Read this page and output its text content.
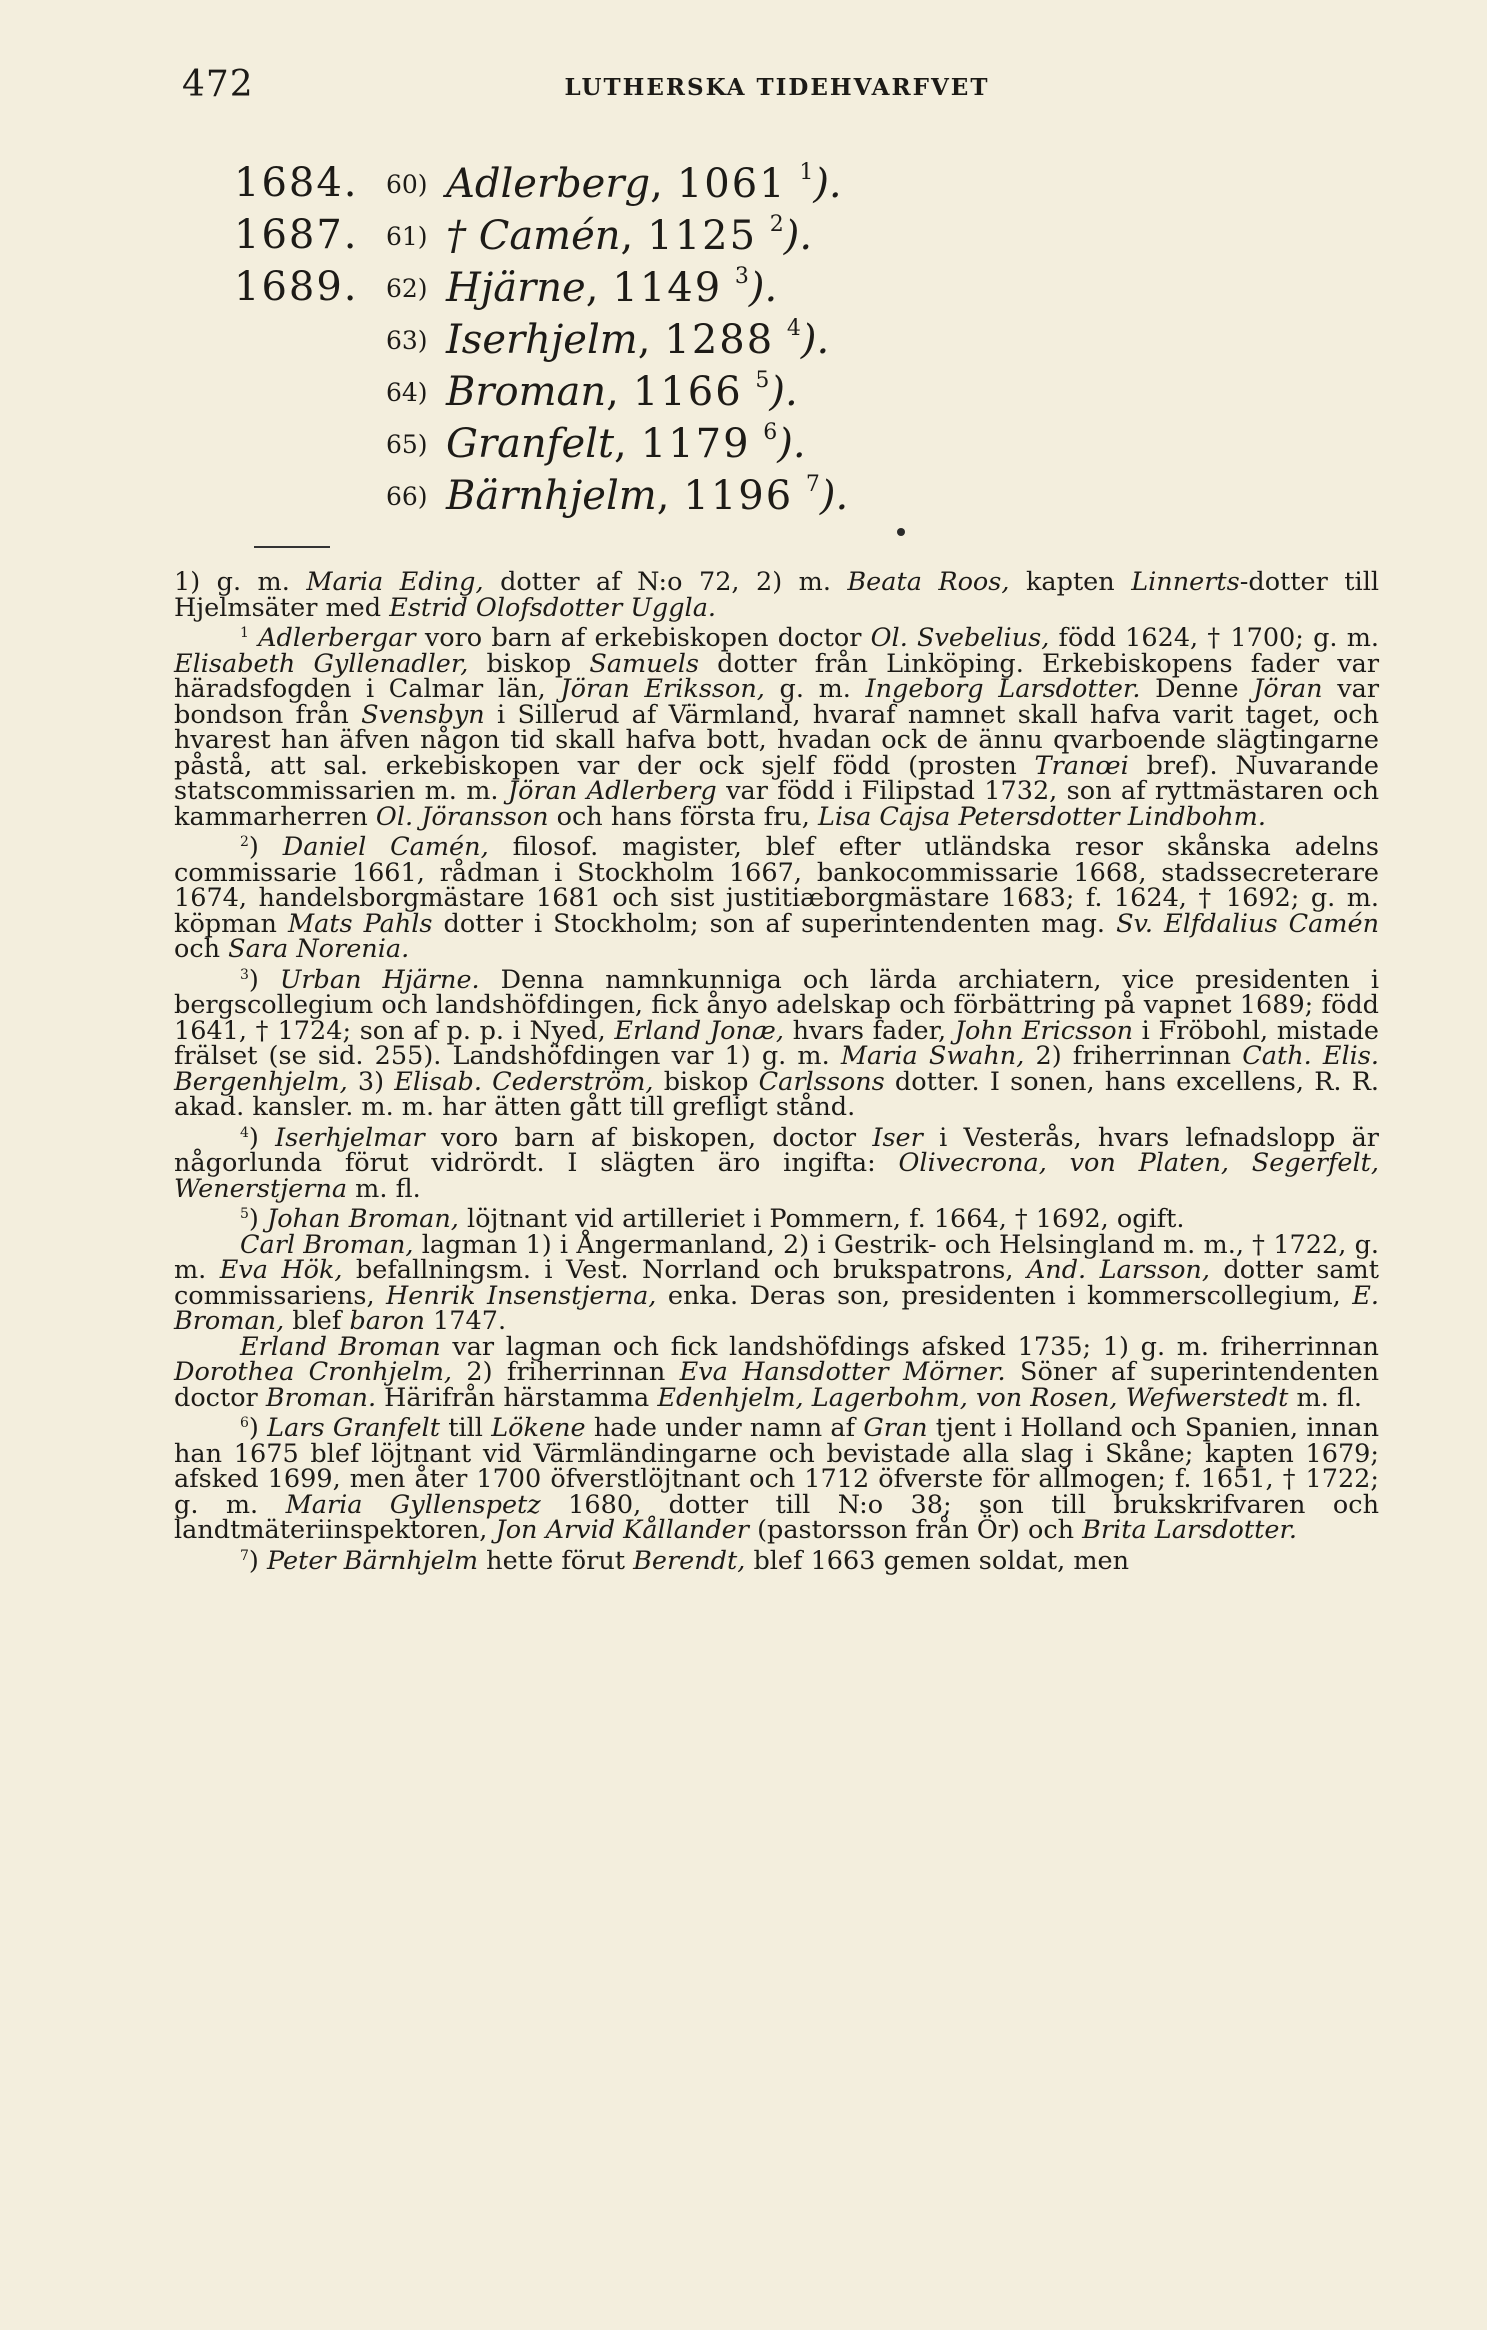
472	LUTHERSKA TIDEHVARFVET
1684. 60) Adlerberg, 1061 $^1$).
1687. 61) † Camén, 1125 $^2$).
1689. 62) Hjärne, 1149 $^3$).
63) Iserhjelm, 1288 $^4$).
64) Broman, 1166 $^5$).
65) Granfelt, 1179 $^6$).
66) Bärnhjelm, 1196 $^7$).

1) g. m. Maria Eding, dotter af N:o 72, 2) m. Beata Roos, kapten Linnerts-dotter till Hjelmsäter med Estrid Olofsdotter Uggla.

$^1$ Adlerbergar voro barn af erkebiskopen doctor Ol. Svebelius, född 1624, † 1700; g. m. Elisabeth Gyllenadler, biskop Samuels dotter från Linköping. Erkebiskopens fader var häradsfogden i Calmar län, Jöran Eriksson, g. m. Ingeborg Larsdotter. Denne Jöran var bondson från Svensbyn i Sillerud af Värmland, hvaraf namnet skall hafva varit taget, och hvarest han äfven någon tid skall hafva bott, hvadan ock de ännu qvarboende slägtingarne påstå, att sal. erkebiskopen var der ock sjelf född (prosten Tranœi bref). Nuvarande statscommissarien m. m. Jöran Adlerberg var född i Filipstad 1732, son af ryttmästaren och kammarherren Ol. Jöransson och hans första fru, Lisa Cajsa Petersdotter Lindbohm.

$^2$) Daniel Camén, filosof. magister, blef efter utländska resor skånska adelns commissarie 1661, rådman i Stockholm 1667, bankocommissarie 1668, stadssecreterare 1674, handelsborgmästare 1681 och sist justitiæborgmästare 1683; f. 1624, † 1692; g. m. köpman Mats Pahls dotter i Stockholm; son af superintendenten mag. Sv. Elfdalius Camén och Sara Norenia.

$^3$) Urban Hjärne. Denna namnkunniga och lärda archiatern, vice presidenten i bergscollegium och landshöfdingen, fick ånyo adelskap och förbättring på vapnet 1689; född 1641, † 1724; son af p. p. i Nyed, Erland Jonæ, hvars fader, John Ericsson i Fröbohl, mistade frälset (se sid. 255). Landshöfdingen var 1) g. m. Maria Swahn, 2) friherrinnan Cath. Elis. Bergenhjelm, 3) Elisab. Cederström, biskop Carlssons dotter. I sonen, hans excellens, R. R. akad. kansler. m. m. har ätten gått till grefligt stånd.

$^4$) Iserhjelmar voro barn af biskopen, doctor Iser i Vesterås, hvars lefnadslopp är någorlunda förut vidrördt. I slägten äro ingifta: Olivecrona, von Platen, Segerfelt, Wenerstjerna m. fl.

$^5$) Johan Broman, löjtnant vid artilleriet i Pommern, f. 1664, † 1692, ogift.

Carl Broman, lagman 1) i Ångermanland, 2) i Gestrik- och Helsingland m. m., † 1722, g. m. Eva Hök, befallningsm. i Vest. Norrland och brukspatrons, And. Larsson, dotter samt commissariens, Henrik Insenstjerna, enka. Deras son, presidenten i kommerscollegium, E. Broman, blef baron 1747.

Erland Broman var lagman och fick landshöfdings afsked 1735; 1) g. m. friherrinnan Dorothea Cronhjelm, 2) friherrinnan Eva Hansdotter Mörner. Söner af superintendenten doctor Broman. Härifrån härstamma Edenhjelm, Lagerbohm, von Rosen, Wefwerstedt m. fl.

$^6$) Lars Granfelt till Lökene hade under namn af Gran tjent i Holland och Spanien, innan han 1675 blef löjtnant vid Värmländingarne och bevistade alla slag i Skåne; kapten 1679; afsked 1699, men åter 1700 öfverstlöjtnant och 1712 öfverste för allmogen; f. 1651, † 1722; g. m. Maria Gyllenspetz 1680, dotter till N:o 38; son till brukskrifvaren och landtmäteriinspektoren, Jon Arvid Kållander (pastorsson från Ör) och Brita Larsdotter.

$^7$) Peter Bärnhjelm hette förut Berendt, blef 1663 gemen soldat, men
